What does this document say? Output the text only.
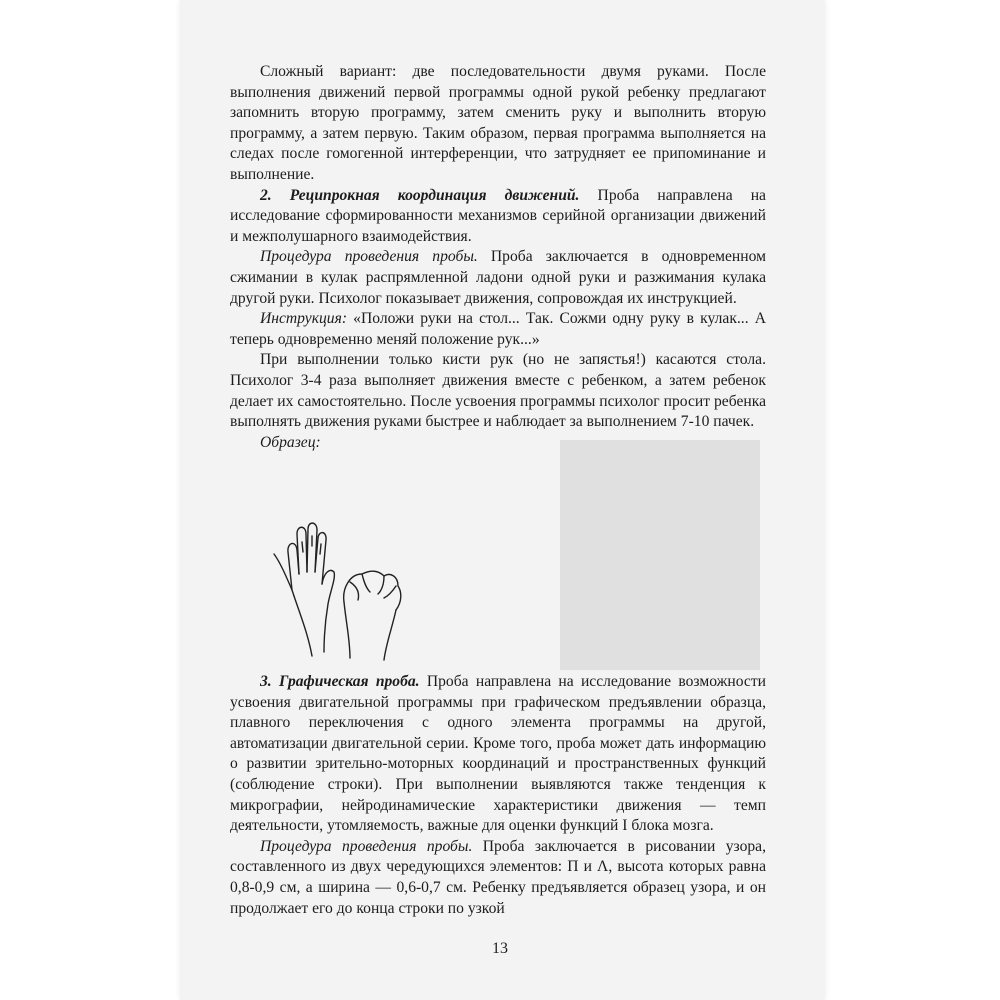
Сложный вариант: две последовательности двумя руками. После выполнения движений первой программы одной рукой ребенку предлагают запомнить вторую программу, затем сменить руку и выполнить вторую программу, а затем первую. Таким образом, первая программа выполняется на следах после гомогенной интерференции, что затрудняет ее припоминание и выполнение.

2. Реципрокная координация движений. Проба направлена на исследование сформированности механизмов серийной организации движений и межполушарного взаимодействия.

Процедура проведения пробы. Проба заключается в одновременном сжимании в кулак распрямленной ладони одной руки и разжимания кулака другой руки. Психолог показывает движения, сопровождая их инструкцией.

Инструкция: «Положи руки на стол... Так. Сожми одну руку в кулак... А теперь одновременно меняй положение рук...»

При выполнении только кисти рук (но не запястья!) касаются стола. Психолог 3-4 раза выполняет движения вместе с ребенком, а затем ребенок делает их самостоятельно. После усвоения программы психолог просит ребенка выполнять движения руками быстрее и наблюдает за выполнением 7-10 пачек.

Образец:

3. Графическая проба. Проба направлена на исследование возможности усвоения двигательной программы при графическом предъявлении образца, плавного переключения с одного элемента программы на другой, автоматизации двигательной серии. Кроме того, проба может дать информацию о развитии зрительно-моторных координаций и пространственных функций (соблюдение строки). При выполнении выявляются также тенденция к микрографии, нейродинамические характеристики движения — темп деятельности, утомляемость, важные для оценки функций I блока мозга.

Процедура проведения пробы. Проба заключается в рисовании узора, составленного из двух чередующихся элементов: П и Λ, высота которых равна 0,8-0,9 см, а ширина — 0,6-0,7 см. Ребенку предъявляется образец узора, и он продолжает его до конца строки по узкой

13
